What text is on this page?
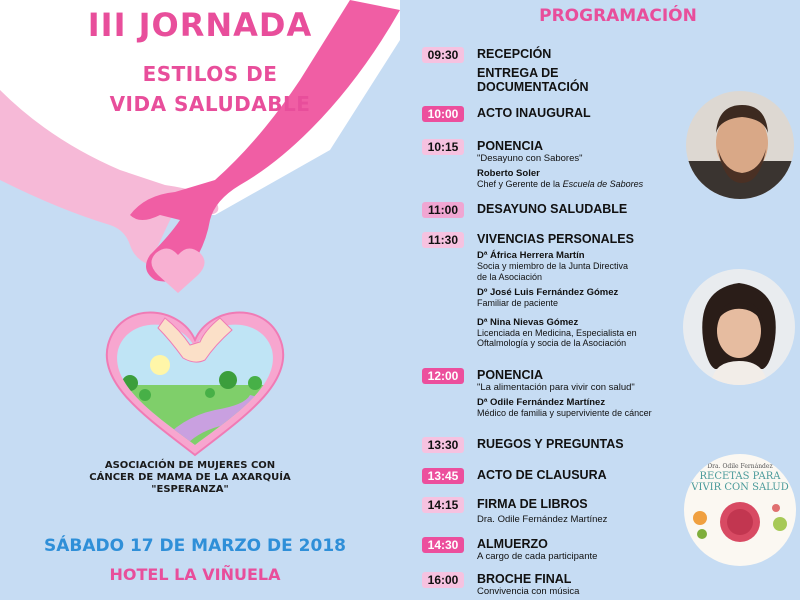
III JORNADA
ESTILOS DE
VIDA SALUDABLE
ASOCIACIÓN DE MUJERES CON
CÁNCER DE MAMA DE LA AXARQUÍA
"ESPERANZA"
SÁBADO 17 DE MARZO DE 2018
HOTEL LA VIÑUELA
PROGRAMACIÓN
09:30	RECEPCIÓN
ENTREGA DE
DOCUMENTACIÓN
10:00	ACTO INAUGURAL
10:15	PONENCIA
"Desayuno con Sabores"
Roberto Soler
Chef y Gerente de la Escuela de Sabores
11:00	DESAYUNO SALUDABLE
11:30	VIVENCIAS PERSONALES
Dª África Herrera Martín
Socia y miembro de la Junta Directiva
de la Asociación
Dº José Luis Fernández Gómez
Familiar de paciente
Dª Nina Nievas Gómez
Licenciada en Medicina, Especialista en
Oftalmología y socia de la Asociación
12:00	PONENCIA
"La alimentación para vivir con salud"
Dª Odile Fernández Martínez
Médico de familia y superviviente de cáncer
13:30	RUEGOS Y PREGUNTAS
13:45	ACTO DE CLAUSURA
14:15	FIRMA DE LIBROS
Dra. Odile Fernández Martínez
14:30	ALMUERZO
A cargo de cada participante
16:00	BROCHE FINAL
Convivencia con música
Dra. Odile Fernández
RECETAS PARA
VIVIR CON SALUD
